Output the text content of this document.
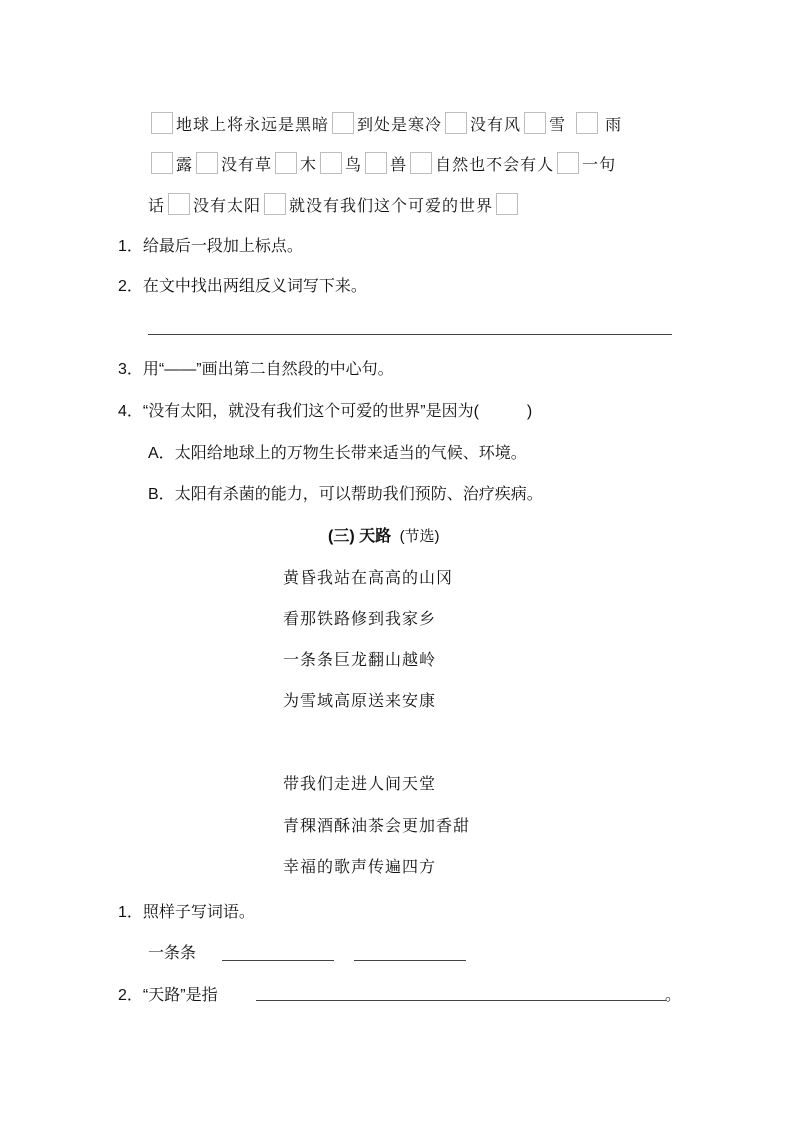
地球上将永远是黑暗 到处是寒冷 没有风 雪 雨
露 没有草 木 鸟 兽 自然也不会有人 一句
话 没有太阳 就没有我们这个可爱的世界
1．给最后一段加上标点。
2．在文中找出两组反义词写下来。
3．用“——”画出第二自然段的中心句。
4．“没有太阳，就没有我们这个可爱的世界”是因为(　　　)
A．太阳给地球上的万物生长带来适当的气候、环境。
B．太阳有杀菌的能力，可以帮助我们预防、治疗疾病。
(三) 天路 (节选)
黄昏我站在高高的山冈
看那铁路修到我家乡
一条条巨龙翻山越岭
为雪域高原送来安康
带我们走进人间天堂
青稞酒酥油茶会更加香甜
幸福的歌声传遍四方
1．照样子写词语。
一条条
2．“天路”是指	。
